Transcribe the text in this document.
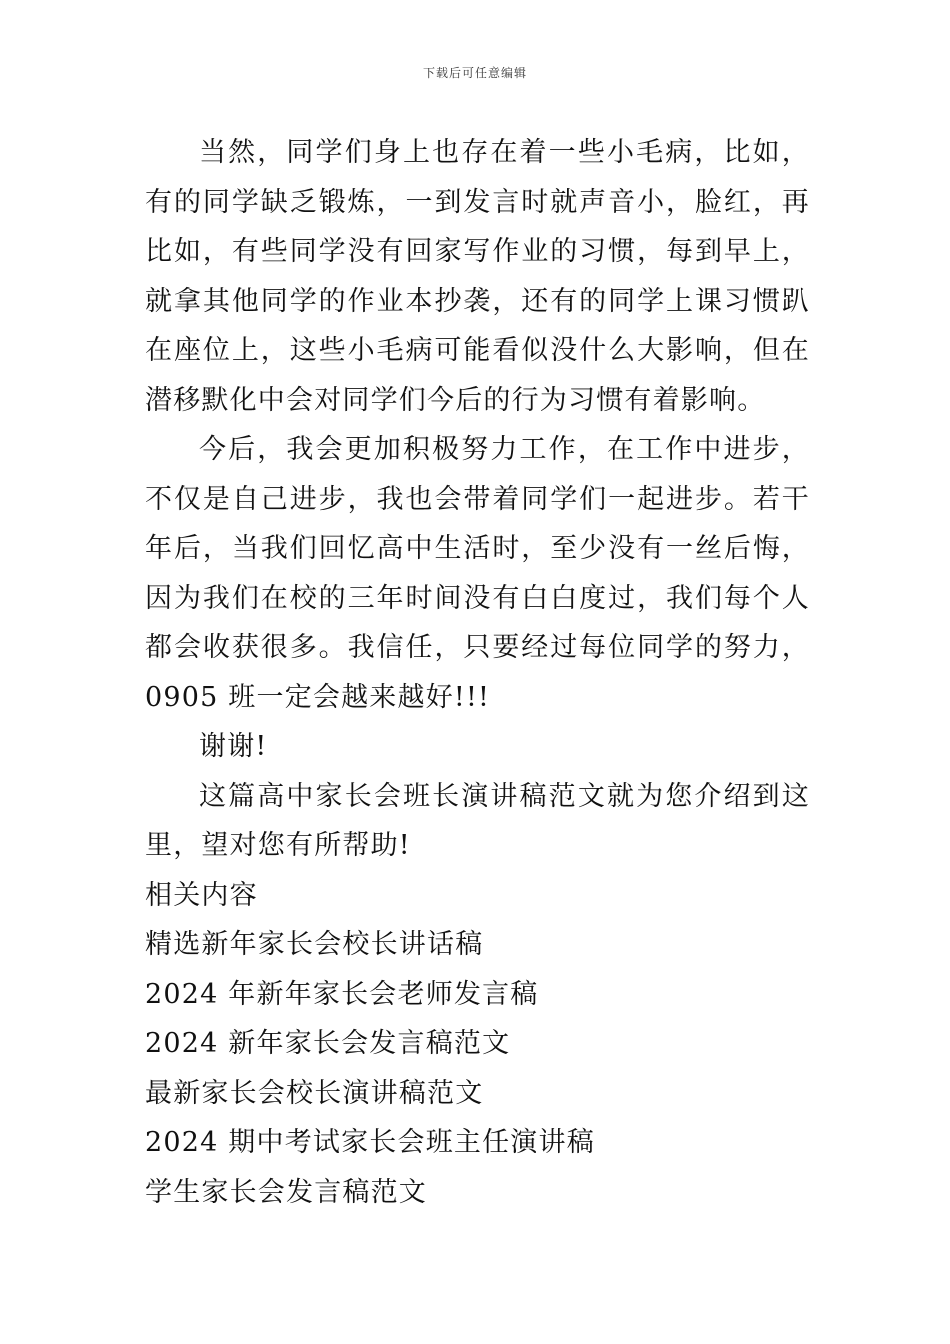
下载后可任意编辑

当然，同学们身上也存在着一些小毛病，比如，有的同学缺乏锻炼，一到发言时就声音小，脸红，再比如，有些同学没有回家写作业的习惯，每到早上，就拿其他同学的作业本抄袭，还有的同学上课习惯趴在座位上，这些小毛病可能看似没什么大影响，但在潜移默化中会对同学们今后的行为习惯有着影响。

今后，我会更加积极努力工作，在工作中进步，不仅是自己进步，我也会带着同学们一起进步。若干年后，当我们回忆高中生活时，至少没有一丝后悔，因为我们在校的三年时间没有白白度过，我们每个人都会收获很多。我信任，只要经过每位同学的努力，0905 班一定会越来越好!!!

谢谢!

这篇高中家长会班长演讲稿范文就为您介绍到这里，望对您有所帮助!

相关内容
精选新年家长会校长讲话稿
2024 年新年家长会老师发言稿
2024 新年家长会发言稿范文
最新家长会校长演讲稿范文
2024 期中考试家长会班主任演讲稿
学生家长会发言稿范文
